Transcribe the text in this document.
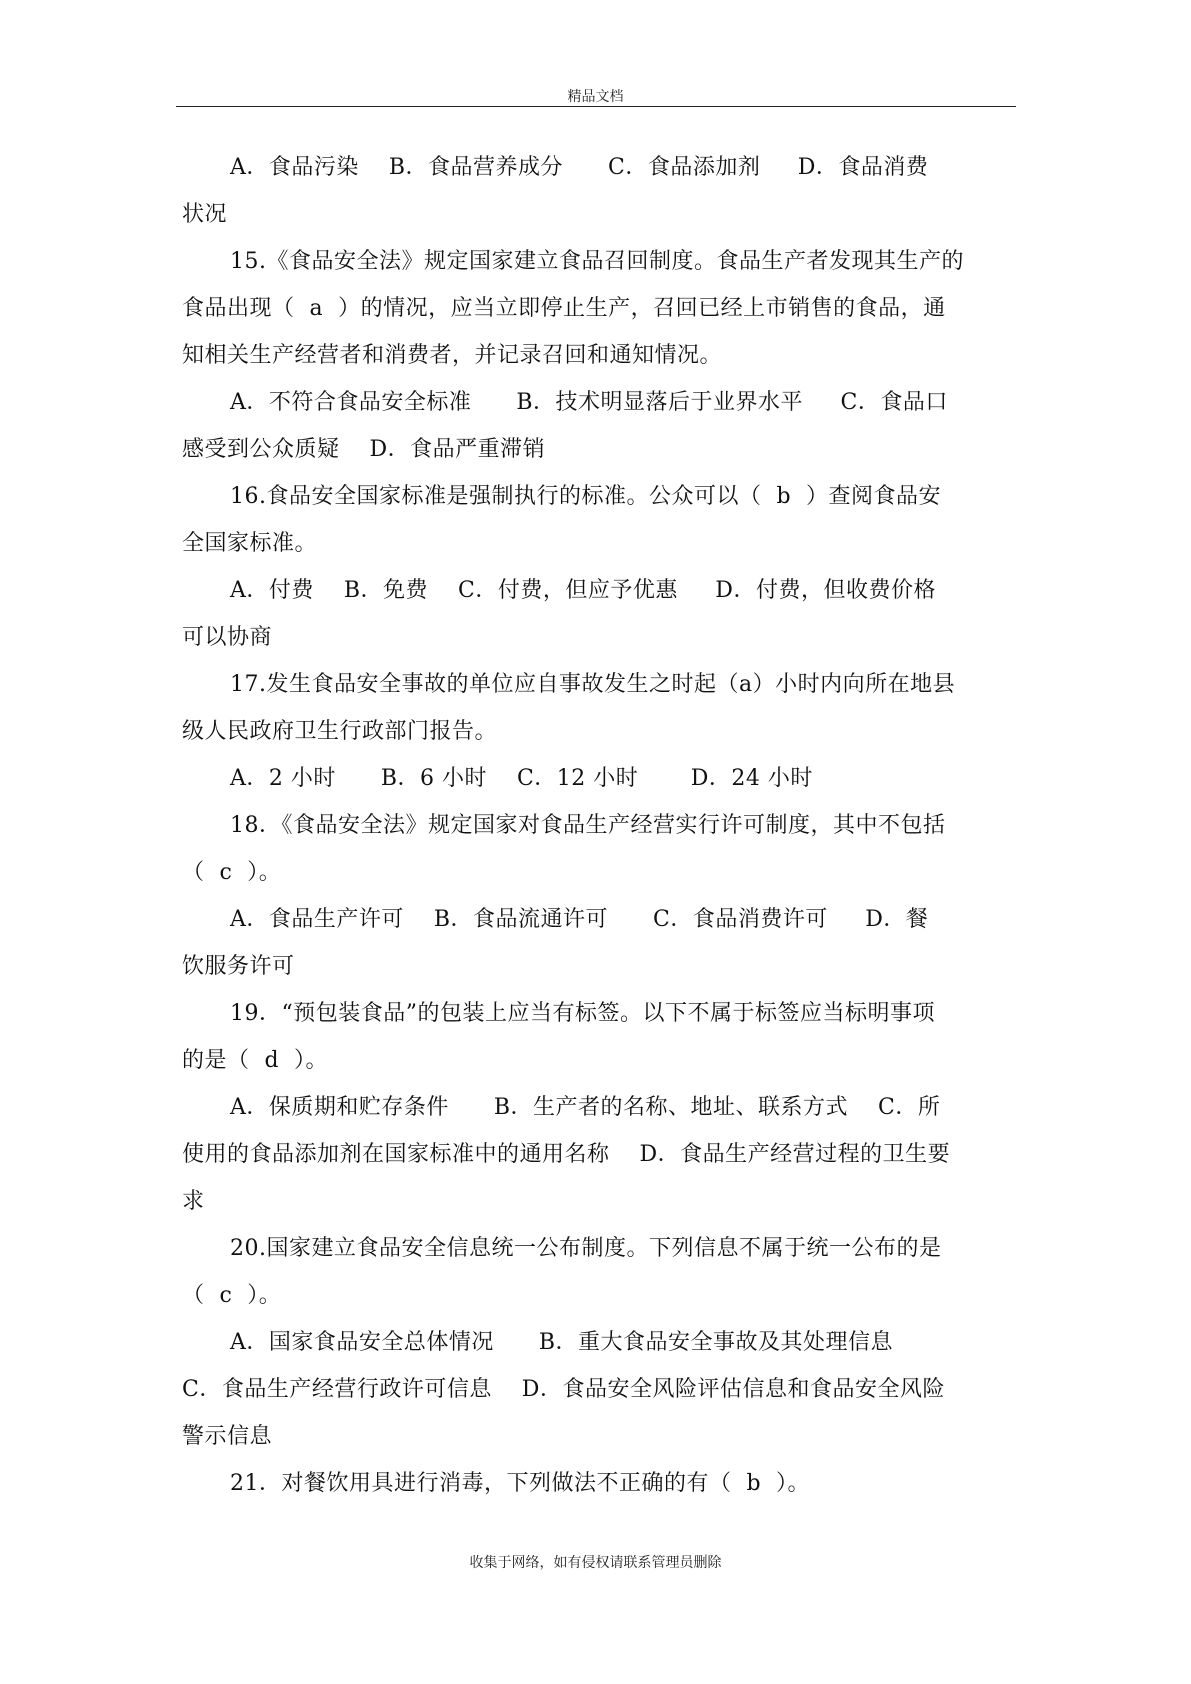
精品文档
A．食品污染    B．食品营养成分      C．食品添加剂     D．食品消费
状况
15.《食品安全法》规定国家建立食品召回制度。食品生产者发现其生产的
食品出现（  a  ）的情况，应当立即停止生产，召回已经上市销售的食品，通
知相关生产经营者和消费者，并记录召回和通知情况。
A．不符合食品安全标准      B．技术明显落后于业界水平     C．食品口
感受到公众质疑    D．食品严重滞销
16.食品安全国家标准是强制执行的标准。公众可以（  b  ）查阅食品安
全国家标准。
A．付费    B．免费    C．付费，但应予优惠     D．付费，但收费价格
可以协商
17.发生食品安全事故的单位应自事故发生之时起（a）小时内向所在地县
级人民政府卫生行政部门报告。
A．2 小时      B．6 小时    C．12 小时       D．24 小时
18．《食品安全法》规定国家对食品生产经营实行许可制度，其中不包括
（  c  ）。
A．食品生产许可    B．食品流通许可      C．食品消费许可     D．餐
饮服务许可
19．“预包装食品”的包装上应当有标签。以下不属于标签应当标明事项
的是（  d  ）。
A．保质期和贮存条件      B．生产者的名称、地址、联系方式    C．所
使用的食品添加剂在国家标准中的通用名称    D．食品生产经营过程的卫生要
求
20.国家建立食品安全信息统一公布制度。下列信息不属于统一公布的是
（  c  ）。
A．国家食品安全总体情况      B．重大食品安全事故及其处理信息
C．食品生产经营行政许可信息    D．食品安全风险评估信息和食品安全风险
警示信息
21．对餐饮用具进行消毒，下列做法不正确的有（  b  ）。
收集于网络，如有侵权请联系管理员删除
